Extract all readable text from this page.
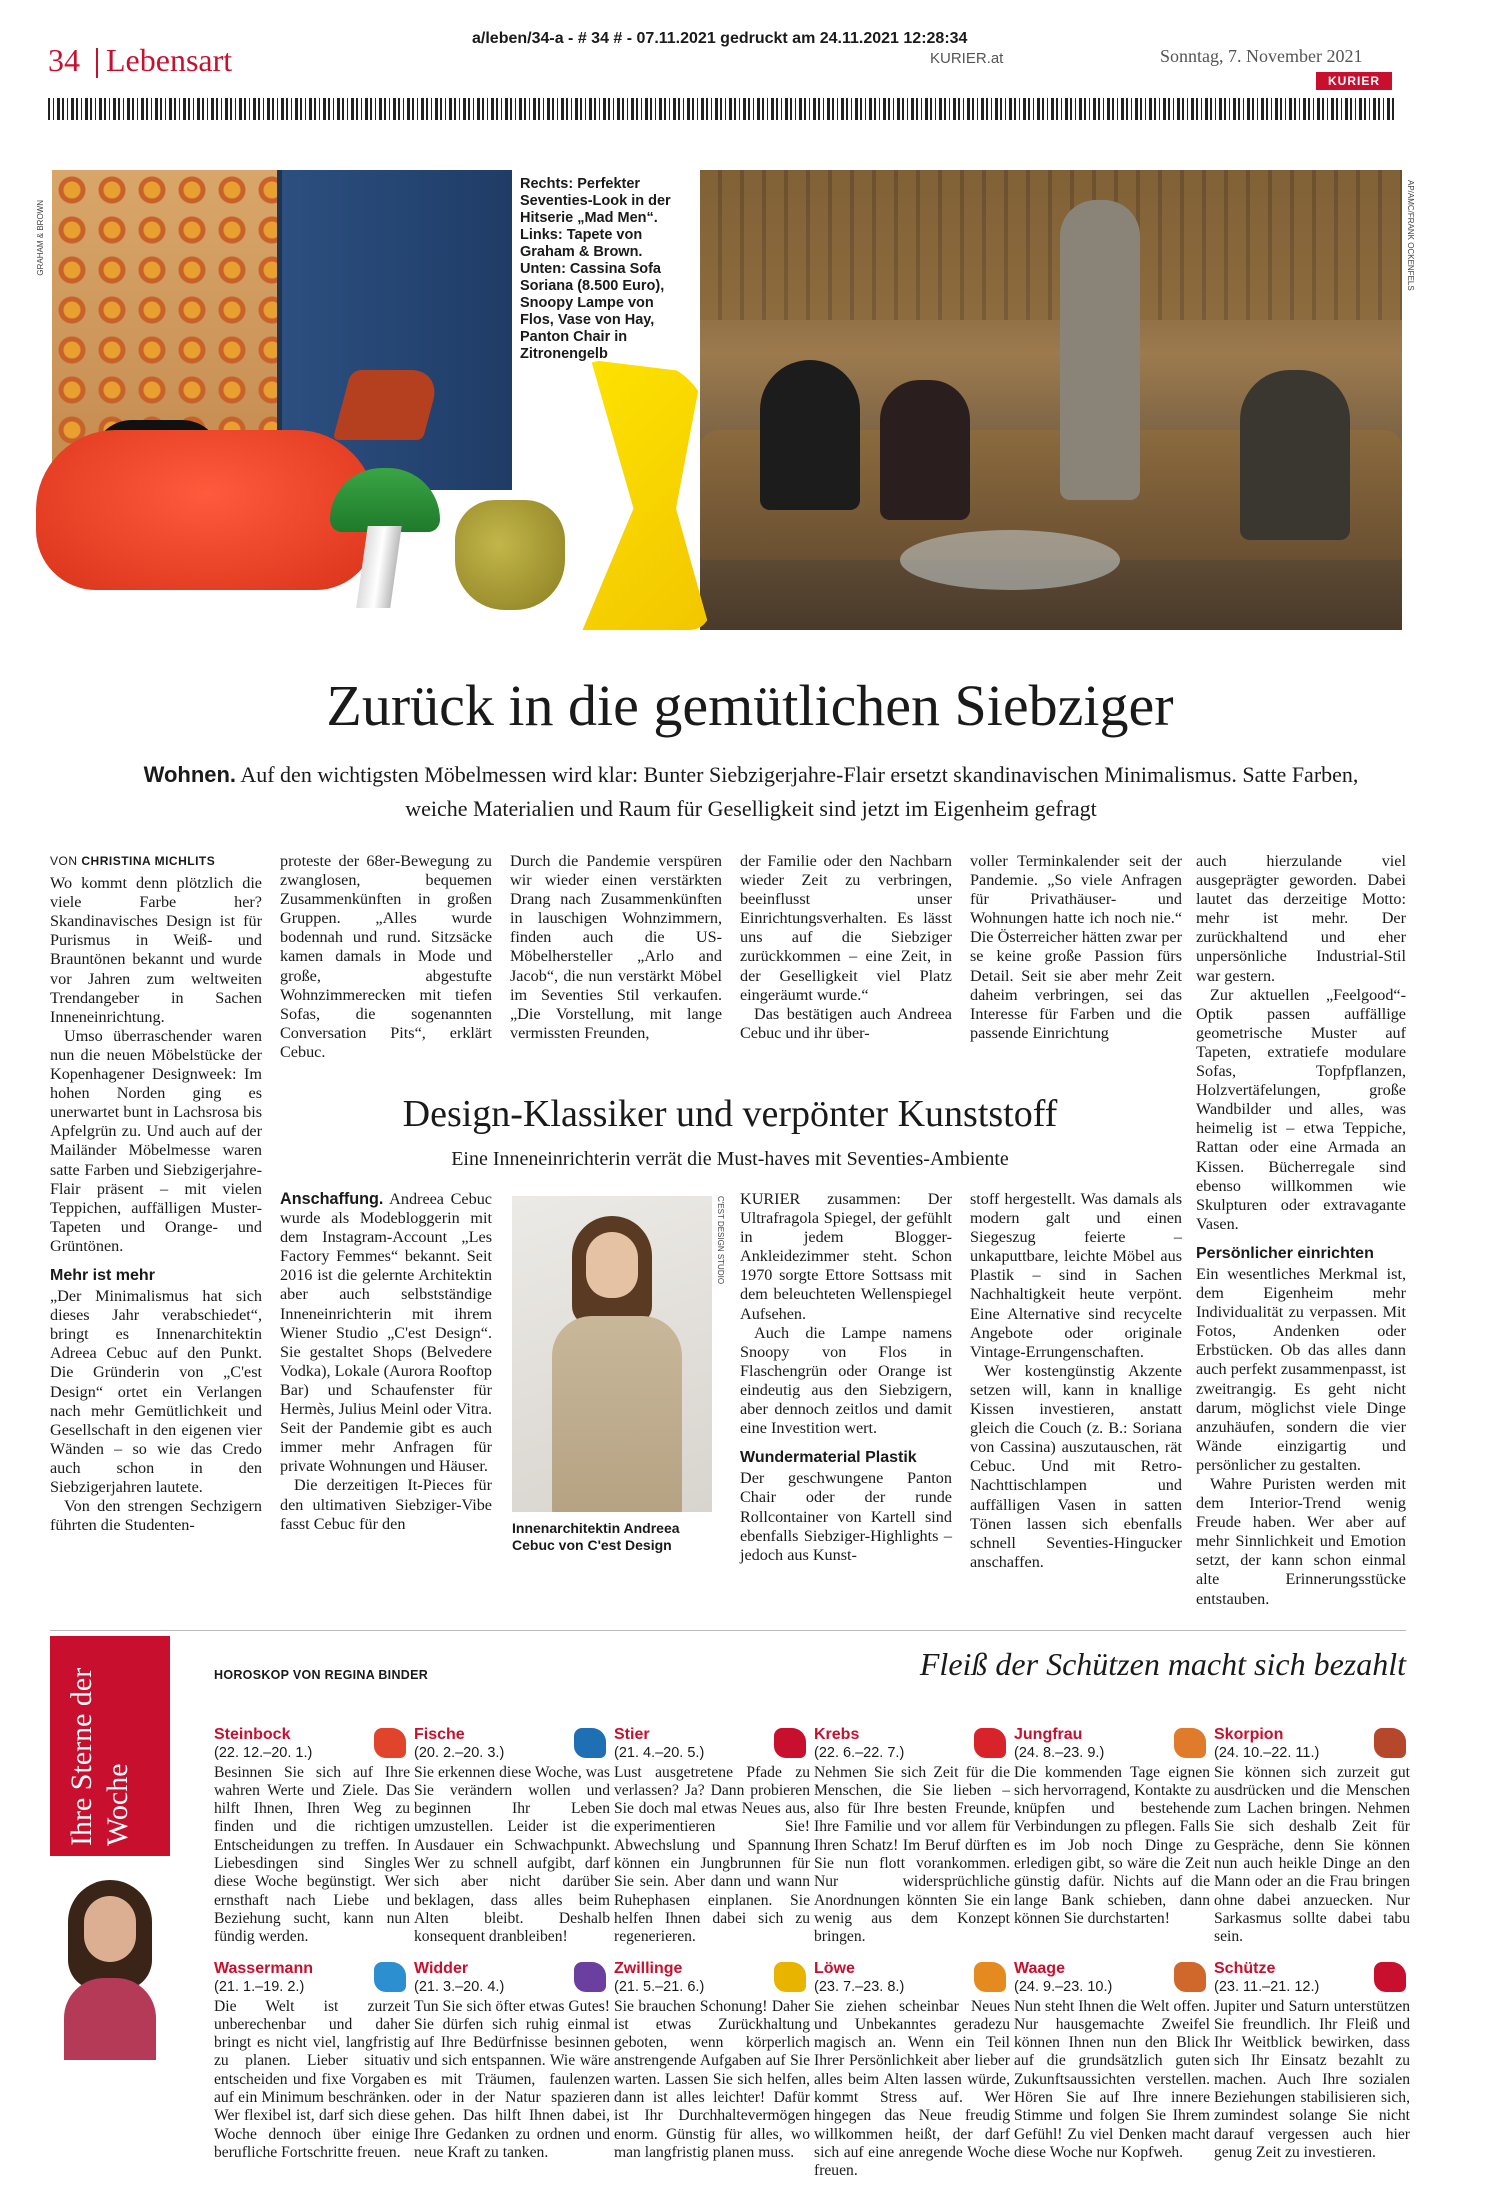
34 Lebensart
a/leben/34-a - # 34 # - 07.11.2021 gedruckt am 24.11.2021 12:28:34
KURIER.at	Sonntag, 7. November 2021
KURIER
GRAHAM & BROWN	AP/AMC/FRANK OCKENFELS
Rechts: Perfekter Seventies-Look in der Hitserie „Mad Men“. Links: Tapete von Graham & Brown. Unten: Cassina Sofa Soriana (8.500 Euro), Snoopy Lampe von Flos, Vase von Hay, Panton Chair in Zitronengelb
Zurück in die gemütlichen Siebziger
Wohnen. Auf den wichtigsten Möbelmessen wird klar: Bunter Siebzigerjahre-Flair ersetzt skandinavischen Minimalismus. Satte Farben, weiche Materialien und Raum für Geselligkeit sind jetzt im Eigenheim gefragt
VON CHRISTINA MICHLITS

Wo kommt denn plötzlich die viele Farbe her? Skandinavisches Design ist für Purismus in Weiß- und Brauntönen bekannt und wurde vor Jahren zum weltweiten Trendangeber in Sachen Inneneinrichtung.

Umso überraschender waren nun die neuen Möbelstücke der Kopenhagener Designweek: Im hohen Norden ging es unerwartet bunt in Lachsrosa bis Apfelgrün zu. Und auch auf der Mailänder Möbelmesse waren satte Farben und Siebzigerjahre-Flair präsent – mit vielen Teppichen, auffälligen Muster-Tapeten und Orange- und Grüntönen.

Mehr ist mehr

„Der Minimalismus hat sich dieses Jahr verabschiedet“, bringt es Innenarchitektin Adreea Cebuc auf den Punkt. Die Gründerin von „C'est Design“ ortet ein Verlangen nach mehr Gemütlichkeit und Gesellschaft in den eigenen vier Wänden – so wie das Credo auch schon in den Siebzigerjahren lautete.

Von den strengen Sechzigern führten die Studenten-

proteste der 68er-Bewegung zu zwanglosen, bequemen Zusammenkünften in großen Gruppen. „Alles wurde bodennah und rund. Sitzsäcke kamen damals in Mode und große, abgestufte Wohnzimmerecken mit tiefen Sofas, die sogenannten Conversation Pits“, erklärt Cebuc.

Durch die Pandemie verspüren wir wieder einen verstärkten Drang nach Zusammenkünften in lauschigen Wohnzimmern, finden auch die US-Möbelhersteller „Arlo and Jacob“, die nun verstärkt Möbel im Seventies Stil verkaufen. „Die Vorstellung, mit lange vermissten Freunden,

der Familie oder den Nachbarn wieder Zeit zu verbringen, beeinflusst unser Einrichtungsverhalten. Es lässt uns auf die Siebziger zurückkommen – eine Zeit, in der Geselligkeit viel Platz eingeräumt wurde.“

Das bestätigen auch Andreea Cebuc und ihr über-

voller Terminkalender seit der Pandemie. „So viele Anfragen für Privathäuser- und Wohnungen hatte ich noch nie.“ Die Österreicher hätten zwar per se keine große Passion fürs Detail. Seit sie aber mehr Zeit daheim verbringen, sei das Interesse für Farben und die passende Einrichtung

auch hierzulande viel ausgeprägter geworden. Dabei lautet das derzeitige Motto: mehr ist mehr. Der zurückhaltend und eher unpersönliche Industrial-Stil war gestern.

Zur aktuellen „Feelgood“-Optik passen auffällige geometrische Muster auf Tapeten, extratiefe modulare Sofas, Topfpflanzen, Holzvertäfelungen, große Wandbilder und alles, was heimelig ist – etwa Teppiche, Rattan oder eine Armada an Kissen. Bücherregale sind ebenso willkommen wie Skulpturen oder extravagante Vasen.

Persönlicher einrichten

Ein wesentliches Merkmal ist, dem Eigenheim mehr Individualität zu verpassen. Mit Fotos, Andenken oder Erbstücken. Ob das alles dann auch perfekt zusammenpasst, ist zweitrangig. Es geht nicht darum, möglichst viele Dinge anzuhäufen, sondern die vier Wände einzigartig und persönlicher zu gestalten.

Wahre Puristen werden mit dem Interior-Trend wenig Freude haben. Wer aber auf mehr Sinnlichkeit und Emotion setzt, der kann schon einmal alte Erinnerungsstücke entstauben.

Design-Klassiker und verpönter Kunststoff
Eine Inneneinrichterin verrät die Must-haves mit Seventies-Ambiente

Anschaffung. Andreea Cebuc wurde als Modebloggerin mit dem Instagram-Account „Les Factory Femmes“ bekannt. Seit 2016 ist die gelernte Architektin aber auch selbstständige Inneneinrichterin mit ihrem Wiener Studio „C'est Design“. Sie gestaltet Shops (Belvedere Vodka), Lokale (Aurora Rooftop Bar) und Schaufenster für Hermès, Julius Meinl oder Vitra. Seit der Pandemie gibt es auch immer mehr Anfragen für private Wohnungen und Häuser.

Die derzeitigen It-Pieces für den ultimativen Siebziger-Vibe fasst Cebuc für den

C'EST DESIGN STUDIO
Innenarchitektin Andreea Cebuc von C'est Design

KURIER zusammen: Der Ultrafragola Spiegel, der gefühlt in jedem Blogger-Ankleidezimmer steht. Schon 1970 sorgte Ettore Sottsass mit dem beleuchteten Wellenspiegel Aufsehen.

Auch die Lampe namens Snoopy von Flos in Flaschengrün oder Orange ist eindeutig aus den Siebzigern, aber dennoch zeitlos und damit eine Investition wert.

Wundermaterial Plastik

Der geschwungene Panton Chair oder der runde Rollcontainer von Kartell sind ebenfalls Siebziger-Highlights – jedoch aus Kunst-

stoff hergestellt. Was damals als modern galt und einen Siegeszug feierte – unkaputtbare, leichte Möbel aus Plastik – sind in Sachen Nachhaltigkeit heute verpönt. Eine Alternative sind recycelte Angebote oder originale Vintage-Errungenschaften.

Wer kostengünstig Akzente setzen will, kann in knallige Kissen investieren, anstatt gleich die Couch (z. B.: Soriana von Cassina) auszutauschen, rät Cebuc. Und mit Retro-Nachttischlampen und auffälligen Vasen in satten Tönen lassen sich ebenfalls schnell Seventies-Hingucker anschaffen.

Ihre Sterne der Woche
HOROSKOP VON REGINA BINDER	Fleiß der Schützen macht sich bezahlt
Steinbock
(22. 12.–20. 1.)
Besinnen Sie sich auf Ihre wahren Werte und Ziele. Das hilft Ihnen, Ihren Weg zu finden und die richtigen Entscheidungen zu treffen. In Liebesdingen sind Singles diese Woche begünstigt. Wer ernsthaft nach Liebe und Beziehung sucht, kann nun fündig werden.
Fische
(20. 2.–20. 3.)
Sie erkennen diese Woche, was Sie verändern wollen und beginnen Ihr Leben umzustellen. Leider ist die Ausdauer ein Schwachpunkt. Wer zu schnell aufgibt, darf sich aber nicht darüber beklagen, dass alles beim Alten bleibt. Deshalb konsequent dranbleiben!
Stier
(21. 4.–20. 5.)
Lust ausgetretene Pfade zu verlassen? Ja? Dann probieren Sie doch mal etwas Neues aus, experimentieren Sie! Abwechslung und Spannung können ein Jungbrunnen für Sie sein. Aber dann und wann Ruhephasen einplanen. Sie helfen Ihnen dabei sich zu regenerieren.
Krebs
(22. 6.–22. 7.)
Nehmen Sie sich Zeit für die Menschen, die Sie lieben – also für Ihre besten Freunde, Ihre Familie und vor allem für Ihren Schatz! Im Beruf dürften Sie nun flott vorankommen. Nur widersprüchliche Anordnungen könnten Sie ein wenig aus dem Konzept bringen.
Jungfrau
(24. 8.–23. 9.)
Die kommenden Tage eignen sich hervorragend, Kontakte zu knüpfen und bestehende Verbindungen zu pflegen. Falls es im Job noch Dinge zu erledigen gibt, so wäre die Zeit günstig dafür. Nichts auf die lange Bank schieben, dann können Sie durchstarten!
Skorpion
(24. 10.–22. 11.)
Sie können sich zurzeit gut ausdrücken und die Menschen zum Lachen bringen. Nehmen Sie sich deshalb Zeit für Gespräche, denn Sie können nun auch heikle Dinge an den Mann oder an die Frau bringen ohne dabei anzuecken. Nur Sarkasmus sollte dabei tabu sein.
Wassermann
(21. 1.–19. 2.)
Die Welt ist zurzeit unberechenbar und daher bringt es nicht viel, langfristig zu planen. Lieber situativ entscheiden und fixe Vorgaben auf ein Minimum beschränken. Wer flexibel ist, darf sich diese Woche dennoch über einige berufliche Fortschritte freuen.
Widder
(21. 3.–20. 4.)
Tun Sie sich öfter etwas Gutes! Sie dürfen sich ruhig einmal auf Ihre Bedürfnisse besinnen und sich entspannen. Wie wäre es mit Träumen, faulenzen oder in der Natur spazieren gehen. Das hilft Ihnen dabei, Ihre Gedanken zu ordnen und neue Kraft zu tanken.
Zwillinge
(21. 5.–21. 6.)
Sie brauchen Schonung! Daher ist etwas Zurückhaltung geboten, wenn körperlich anstrengende Aufgaben auf Sie warten. Lassen Sie sich helfen, dann ist alles leichter! Dafür ist Ihr Durchhaltevermögen enorm. Günstig für alles, wo man langfristig planen muss.
Löwe
(23. 7.–23. 8.)
Sie ziehen scheinbar Neues und Unbekanntes geradezu magisch an. Wenn ein Teil Ihrer Persönlichkeit aber lieber alles beim Alten lassen würde, kommt Stress auf. Wer hingegen das Neue freudig willkommen heißt, der darf sich auf eine anregende Woche freuen.
Waage
(24. 9.–23. 10.)
Nun steht Ihnen die Welt offen. Nur hausgemachte Zweifel können Ihnen nun den Blick auf die grundsätzlich guten Zukunftsaussichten verstellen. Hören Sie auf Ihre innere Stimme und folgen Sie Ihrem Gefühl! Zu viel Denken macht diese Woche nur Kopfweh.
Schütze
(23. 11.–21. 12.)
Jupiter und Saturn unterstützen Sie freundlich. Ihr Fleiß und Ihr Weitblick bewirken, dass sich Ihr Einsatz bezahlt zu machen. Auch Ihre sozialen Beziehungen stabilisieren sich, zumindest solange Sie nicht darauf vergessen auch hier genug Zeit zu investieren.
